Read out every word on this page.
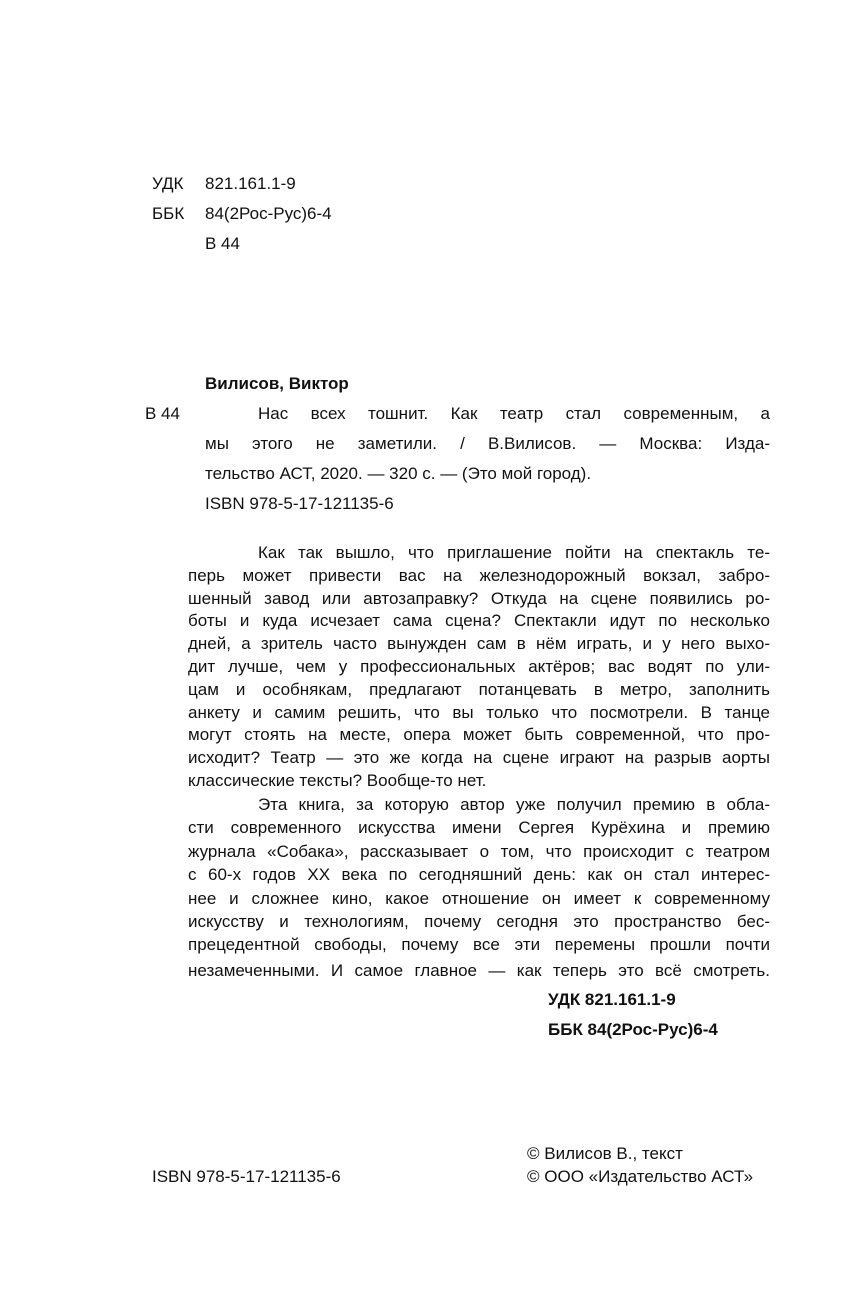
УДК 821.161.1-9
ББК 84(2Рос-Рус)6-4
В 44
Вилисов, Виктор
В 44	Нас всех тошнит. Как театр стал современным, а
мы этого не заметили. / В.Вилисов. — Москва: Изда-
тельство АСТ, 2020. — 320 с. — (Это мой город).
ISBN 978-5-17-121135-6
Как так вышло, что приглашение пойти на спектакль те-
перь может привести вас на железнодорожный вокзал, забро-
шенный завод или автозаправку? Откуда на сцене появились ро-
боты и куда исчезает сама сцена? Спектакли идут по несколько
дней, а зритель часто вынужден сам в нём играть, и у него выхо-
дит лучше, чем у профессиональных актёров; вас водят по ули-
цам и особнякам, предлагают потанцевать в метро, заполнить
анкету и самим решить, что вы только что посмотрели. В танце
могут стоять на месте, опера может быть современной, что про-
исходит? Театр — это же когда на сцене играют на разрыв аорты
классические тексты? Вообще-то нет.
Эта книга, за которую автор уже получил премию в обла-
сти современного искусства имени Сергея Курёхина и премию
журнала «Собака», рассказывает о том, что происходит с театром
с 60-х годов XX века по сегодняшний день: как он стал интерес-
нее и сложнее кино, какое отношение он имеет к современному
искусству и технологиям, почему сегодня это пространство бес-
прецедентной свободы, почему все эти перемены прошли почти
незамеченными. И самое главное — как теперь это всё смотреть.
УДК 821.161.1-9
ББК 84(2Рос-Рус)6-4
ISBN 978-5-17-121135-6
© Вилисов В., текст
© ООО «Издательство АСТ»
